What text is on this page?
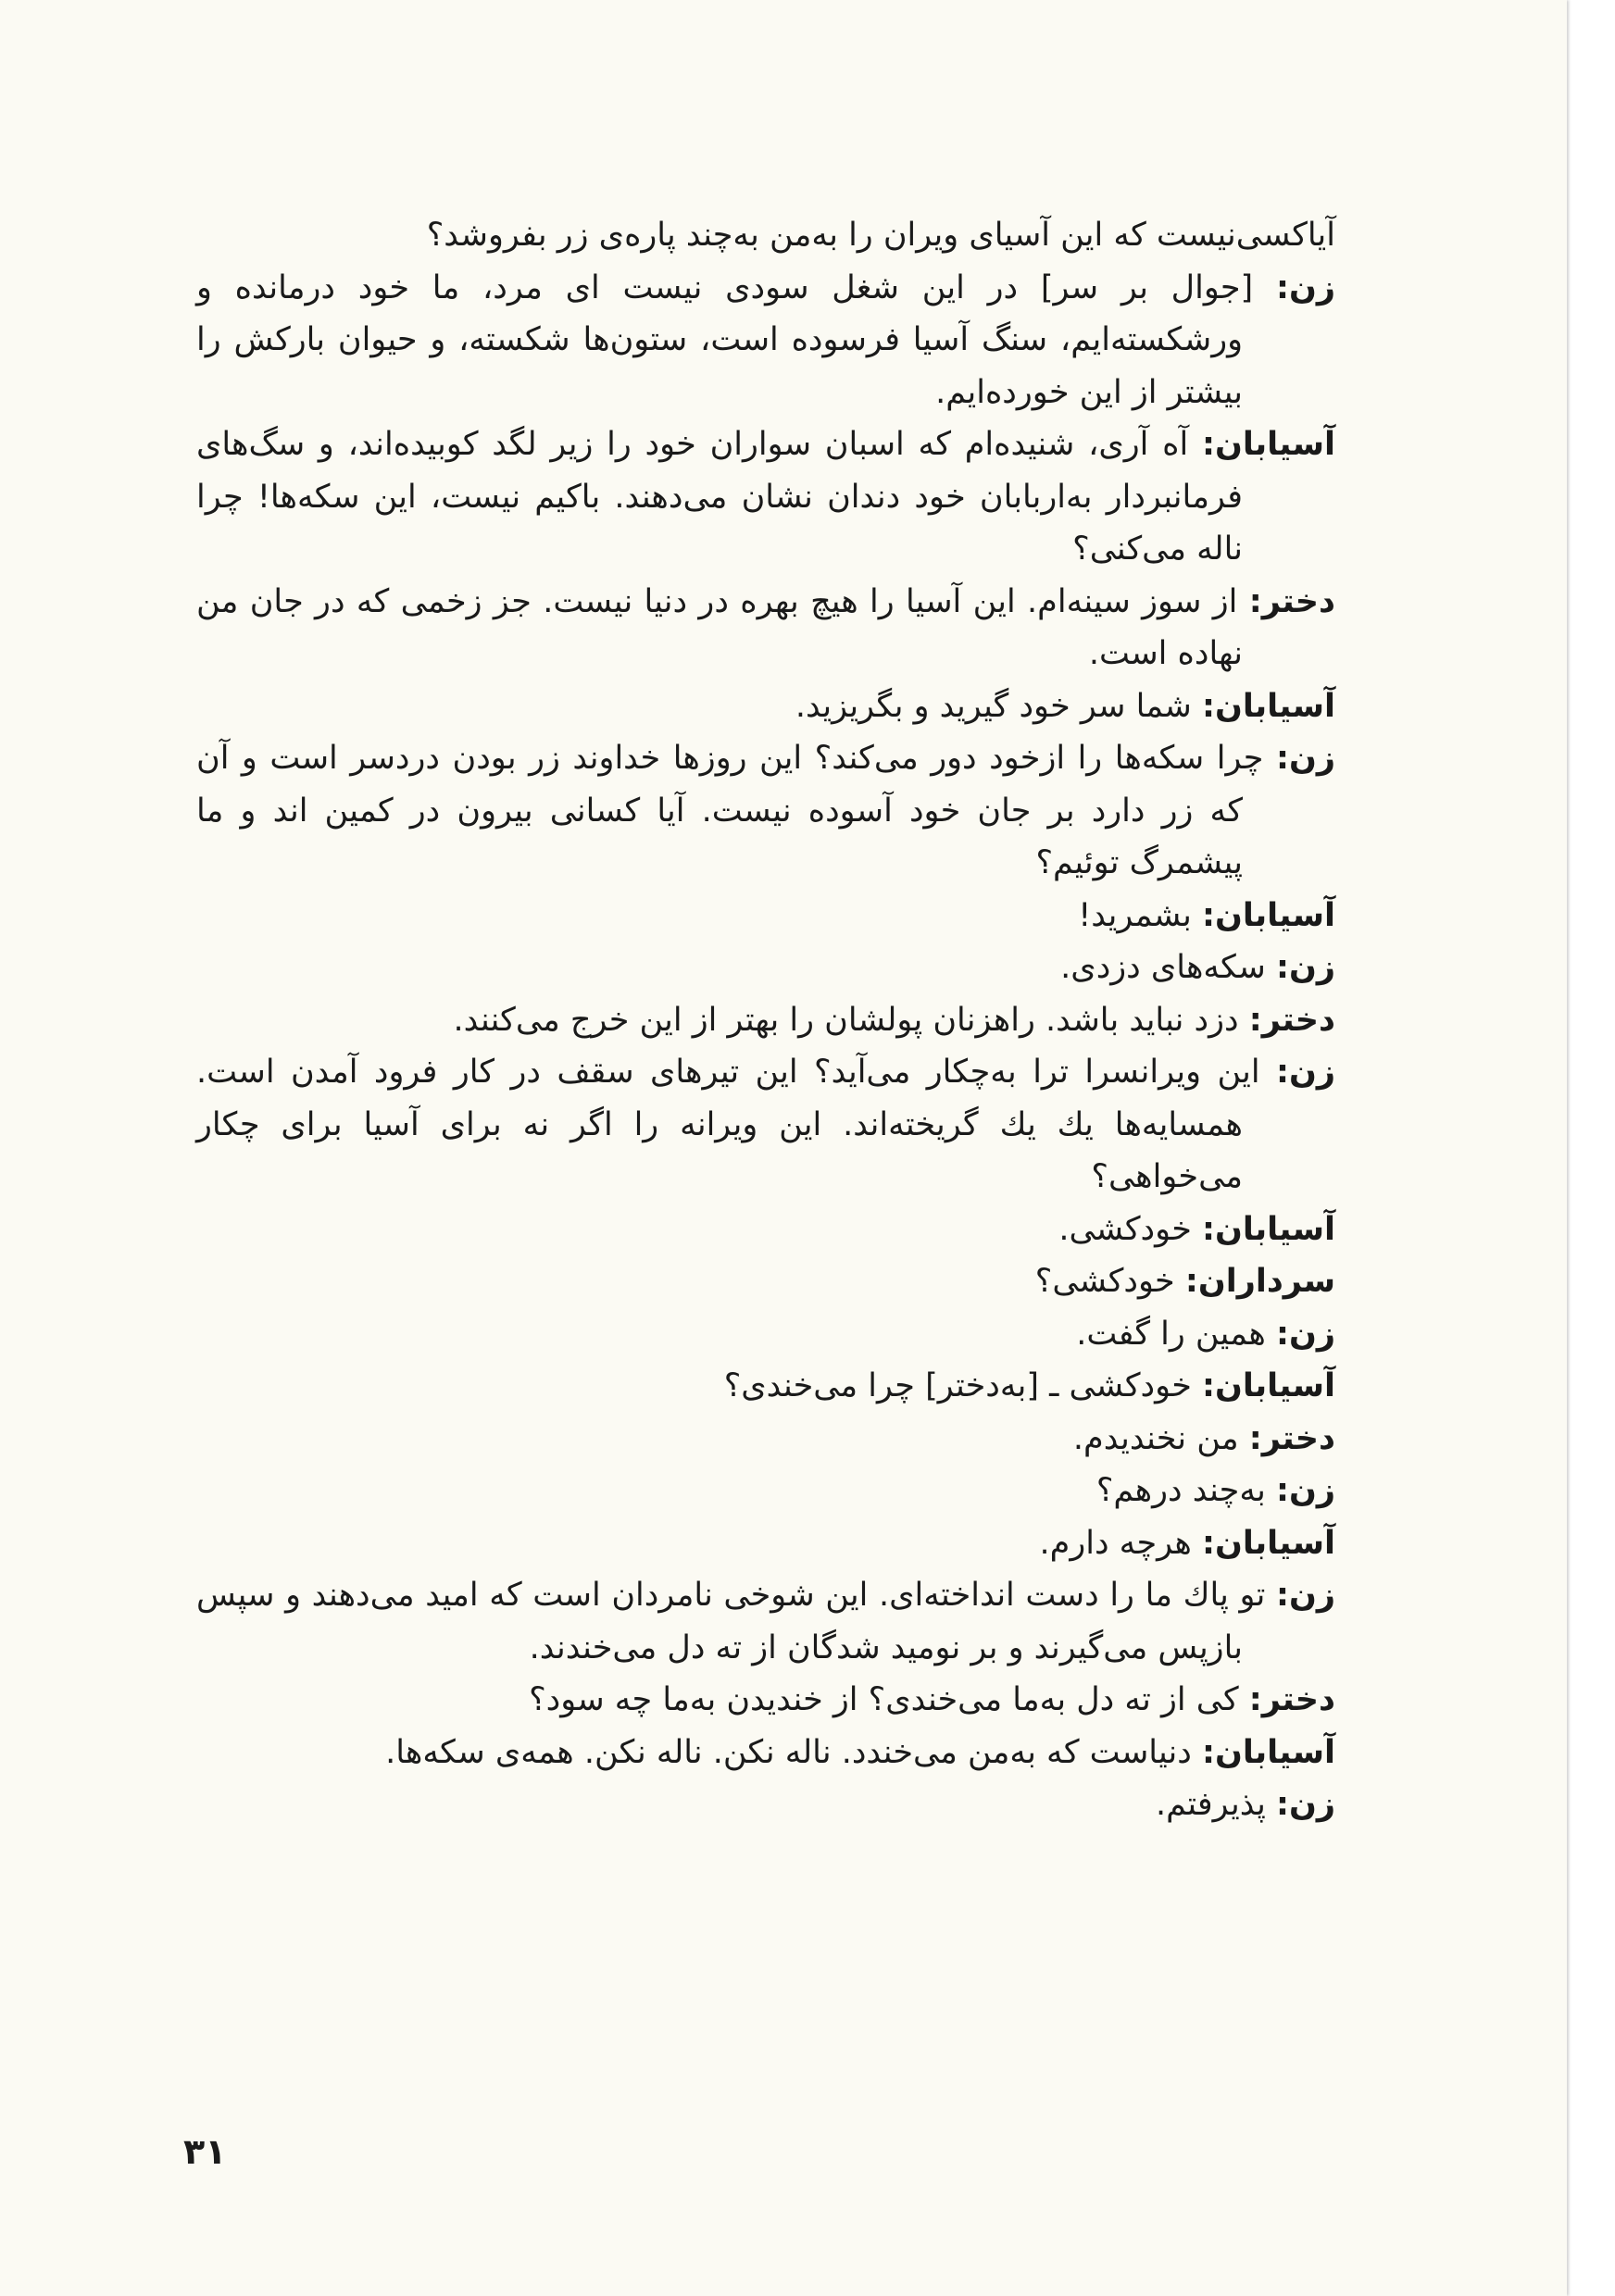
آیاکسی‌نیست که این آسیای ویران را به‌من به‌چند پاره‌ی زر بفروشد؟
زن: [جوال بر سر] در این شغل سودی نیست ای مرد، ما خود درمانده و ورشکسته‌ایم، سنگ آسیا فرسوده است، ستون‌ها شکسته، و حیوان بارکش را بیشتر از این خورده‌ایم.
آسیابان: آه آری، شنیده‌ام که اسبان سواران خود را زیر لگد کوبیده‌اند، و سگ‌های فرمانبردار به‌اربابان خود دندان نشان می‌دهند. باکیم نیست، این سکه‌ها! چرا ناله می‌کنی؟
دختر: از سوز سینه‌ام. این آسیا را هیچ بهره در دنیا نیست. جز زخمی که در جان من نهاده است.
آسیابان: شما سر خود گیرید و بگریزید.
زن: چرا سکه‌ها را ازخود دور می‌کند؟ این روزها خداوند زر بودن دردسر است و آن که زر دارد بر جان خود آسوده نیست. آیا کسانی بیرون در کمین اند و ما پیشمرگ توئیم؟
آسیابان: بشمرید!
زن: سکه‌های دزدی.
دختر: دزد نباید باشد. راهزنان پولشان را بهتر از این خرج می‌کنند.
زن: این ویرانسرا ترا به‌چکار می‌آید؟ این تیرهای سقف در کار فرود آمدن است. همسایه‌ها یك یك گریخته‌اند. این ویرانه را اگر نه برای آسیا برای چکار می‌خواهی؟
آسیابان: خودکشی.
سرداران: خودکشی؟
زن: همین را گفت.
آسیابان: خودکشی ـ [به‌دختر] چرا می‌خندی؟
دختر: من نخندیدم.
زن: به‌چند درهم؟
آسیابان: هرچه دارم.
زن: تو پاك ما را دست انداخته‌ای. این شوخی نامردان است که امید می‌دهند و سپس بازپس می‌گیرند و بر نومید شدگان از ته دل می‌خندند.
دختر: کی از ته دل به‌ما می‌خندی؟ از خندیدن به‌ما چه سود؟
آسیابان: دنیاست که به‌من می‌خندد. ناله نکن. ناله نکن. همه‌ی سکه‌ها.
زن: پذیرفتم.
۳۱
